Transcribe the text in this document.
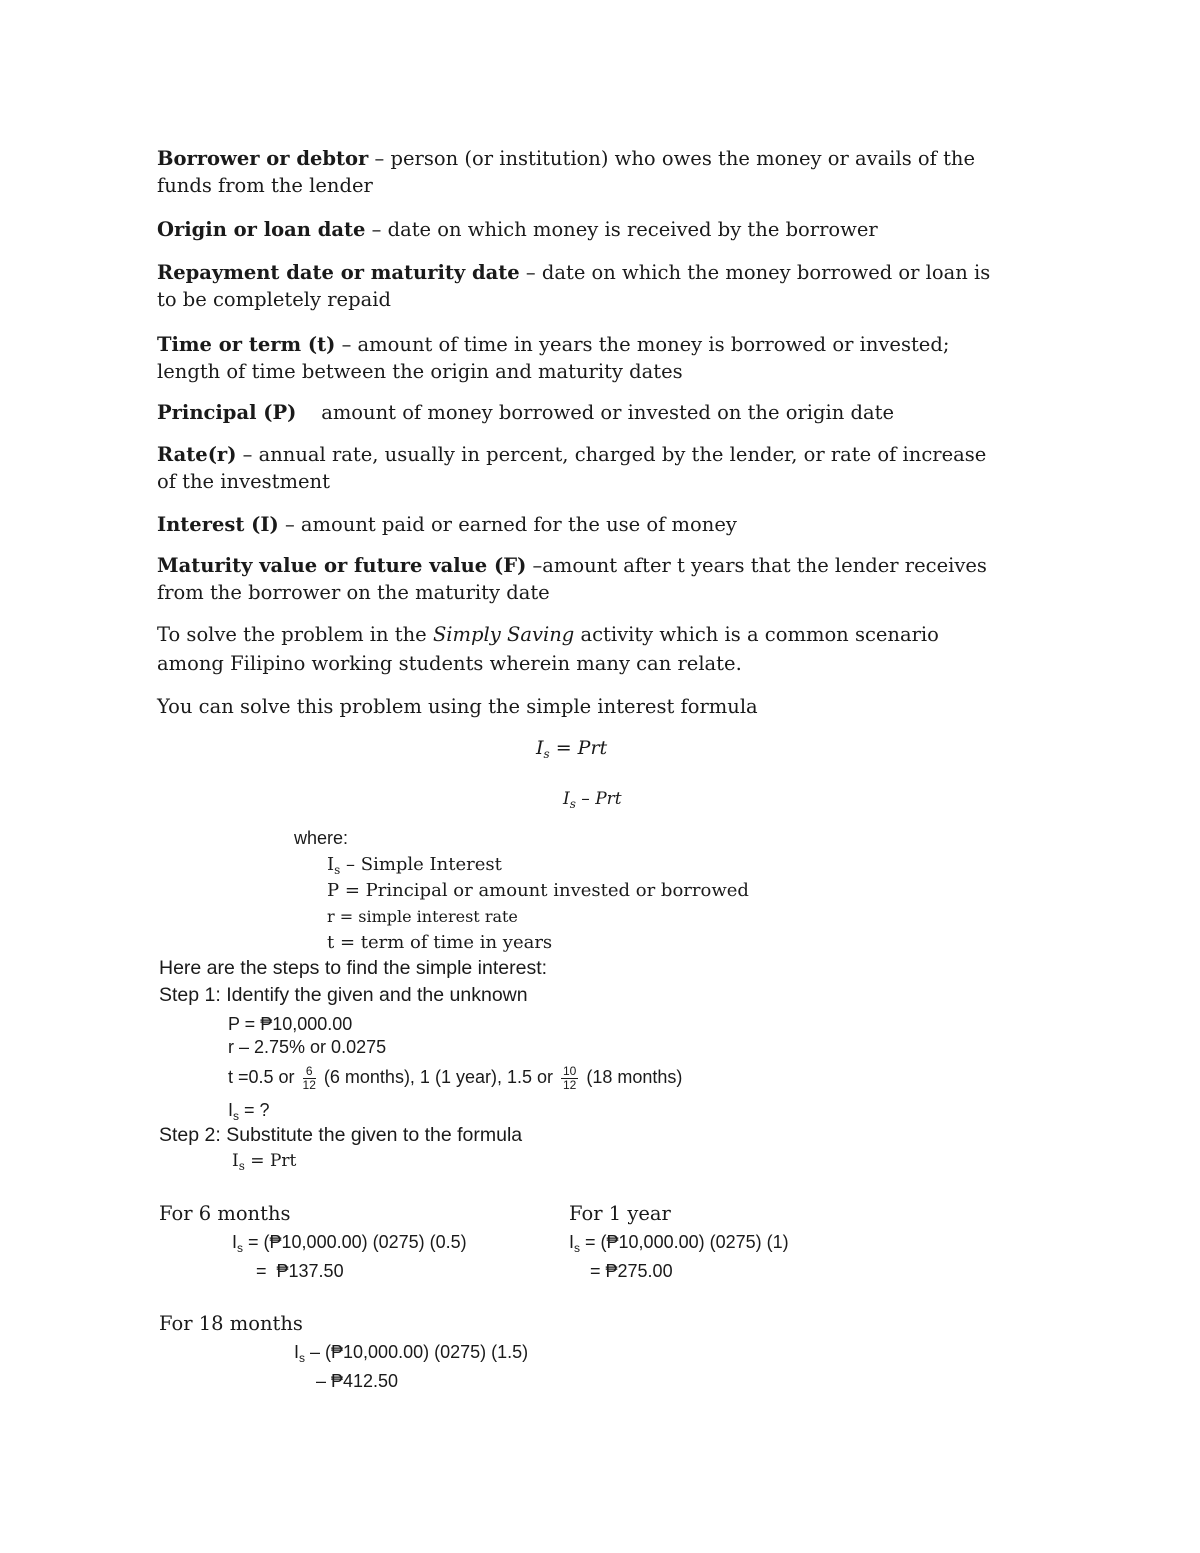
Borrower or debtor – person (or institution) who owes the money or avails of the funds from the lender
Origin or loan date – date on which money is received by the borrower
Repayment date or maturity date – date on which the money borrowed or loan is to be completely repaid
Time or term (t) – amount of time in years the money is borrowed or invested; length of time between the origin and maturity dates
Principal (P) amount of money borrowed or invested on the origin date
Rate(r) – annual rate, usually in percent, charged by the lender, or rate of increase of the investment
Interest (I) – amount paid or earned for the use of money
Maturity value or future value (F) –amount after t years that the lender receives from the borrower on the maturity date
To solve the problem in the Simply Saving activity which is a common scenario among Filipino working students wherein many can relate.
You can solve this problem using the simple interest formula
$I_s$ = Prt
$I_s$ – Prt
where:
$I_s$ – Simple Interest
P = Principal or amount invested or borrowed
r = simple interest rate
t = term of time in years
Here are the steps to find the simple interest:
Step 1: Identify the given and the unknown
P = ₱10,000.00
r – 2.75% or 0.0275
t =0.5 or $\frac{6}{12} (6$ months), 1 (1 year), 1.5 or $\frac{10}{12} (18$ months)
$I_s$ = ?
Step 2: Substitute the given to the formula
$I_s$ = Prt
For 6 months
$I_s$ = (₱10,000.00) (0275) (0.5)
=  ₱137.50
For 1 year
$I_s$ = (₱10,000.00) (0275) (1)
= ₱275.00
For 18 months
$I_s$ – (₱10,000.00) (0275) (1.5)
– ₱412.50
